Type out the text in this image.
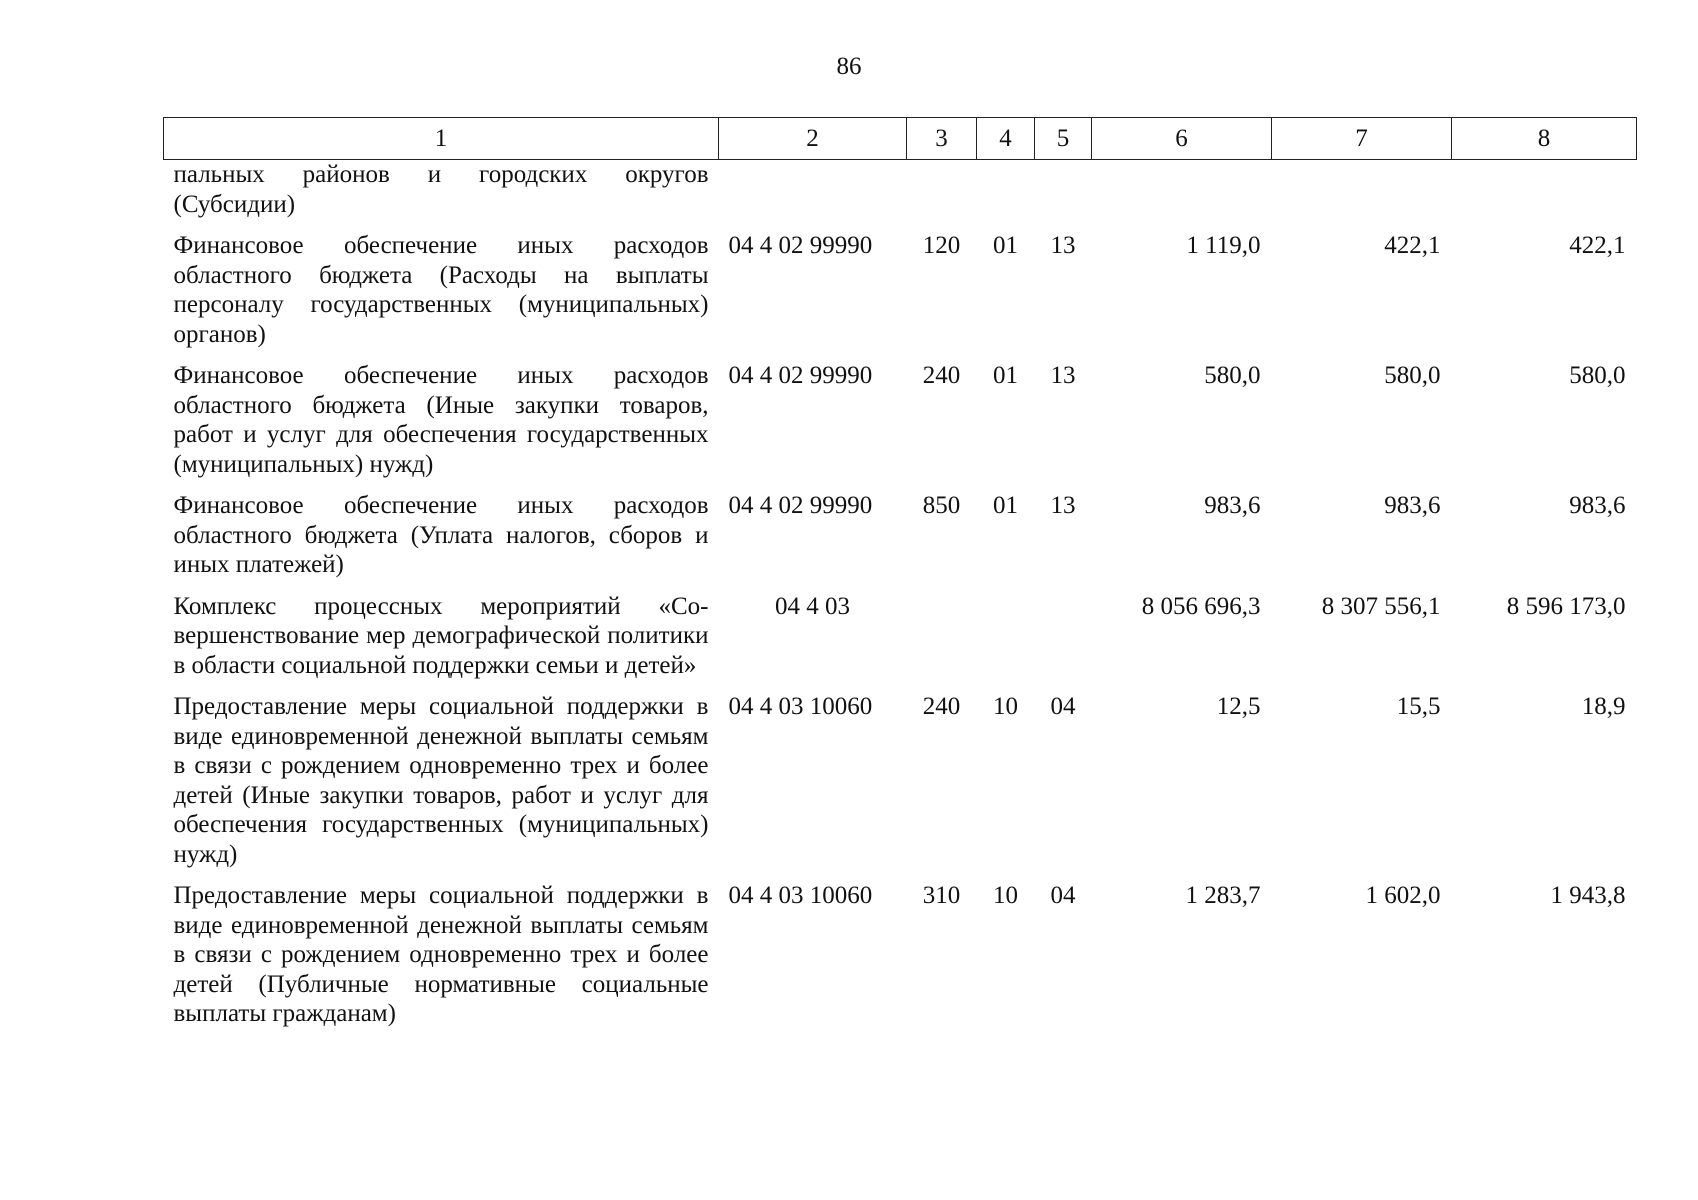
86
1	2	3	4	5	6	7	8
пальных районов и городских округов (Субсидии)							
Финансовое обеспечение иных расходов областного бюджета (Расходы на выплаты персоналу государственных (муниципальных) органов)	04 4 02 99990	120	01	13	1 119,0	422,1	422,1
Финансовое обеспечение иных расходов областного бюджета (Иные закупки товаров, работ и услуг для обеспечения государственных (муниципальных) нужд)	04 4 02 99990	240	01	13	580,0	580,0	580,0
Финансовое обеспечение иных расходов областного бюджета (Уплата налогов, сборов и иных платежей)	04 4 02 99990	850	01	13	983,6	983,6	983,6
Комплекс процессных мероприятий «Совершенствование мер демографической политики в области социальной поддержки семьи и детей»	04 4 03				8 056 696,3	8 307 556,1	8 596 173,0
Предоставление меры социальной поддержки в виде единовременной денежной выплаты семьям в связи с рождением одновременно трех и более детей (Иные закупки товаров, работ и услуг для обеспечения государственных (муниципальных) нужд)	04 4 03 10060	240	10	04	12,5	15,5	18,9
Предоставление меры социальной поддержки в виде единовременной денежной выплаты семьям в связи с рождением одновременно трех и более детей (Публичные нормативные социальные выплаты гражданам)	04 4 03 10060	310	10	04	1 283,7	1 602,0	1 943,8
